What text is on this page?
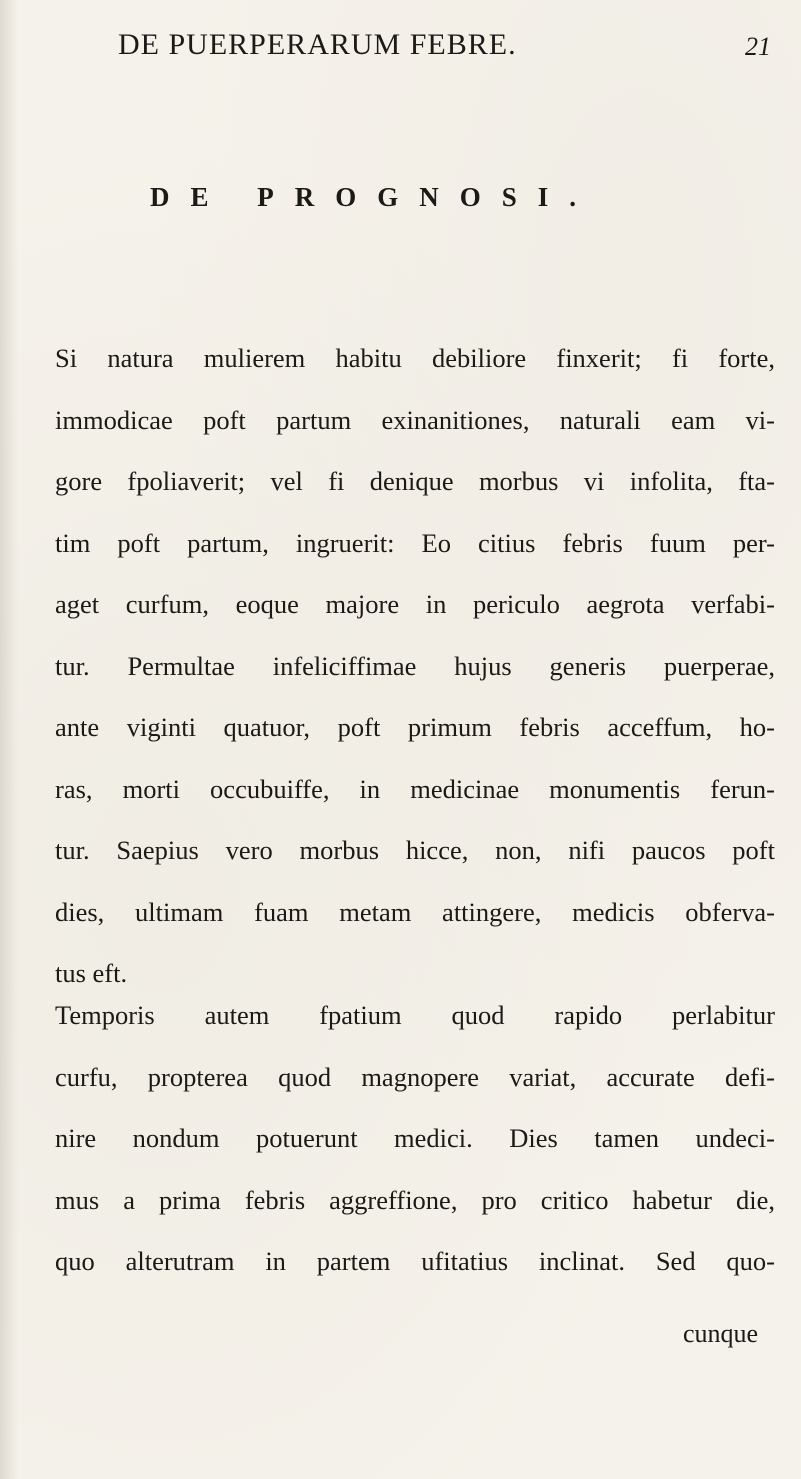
DE PUERPERARUM FEBRE.	21
DE PROGNOSI.
Si natura mulierem habitu debiliore finxerit; fi forte,
immodicae poft partum exinanitiones, naturali eam vi-
gore fpoliaverit; vel fi denique morbus vi infolita, fta-
tim poft partum, ingruerit: Eo citius febris fuum per-
aget curfum, eoque majore in periculo aegrota verfabi-
tur. Permultae infeliciffimae hujus generis puerperae,
ante viginti quatuor, poft primum febris acceffum, ho-
ras, morti occubuiffe, in medicinae monumentis ferun-
tur. Saepius vero morbus hicce, non, nifi paucos poft
dies, ultimam fuam metam attingere, medicis obferva-
tus eft.
Temporis autem fpatium quod rapido perlabitur
curfu, propterea quod magnopere variat, accurate defi-
nire nondum potuerunt medici. Dies tamen undeci-
mus a prima febris aggreffione, pro critico habetur die,
quo alterutram in partem ufitatius inclinat. Sed quo-
cunque
